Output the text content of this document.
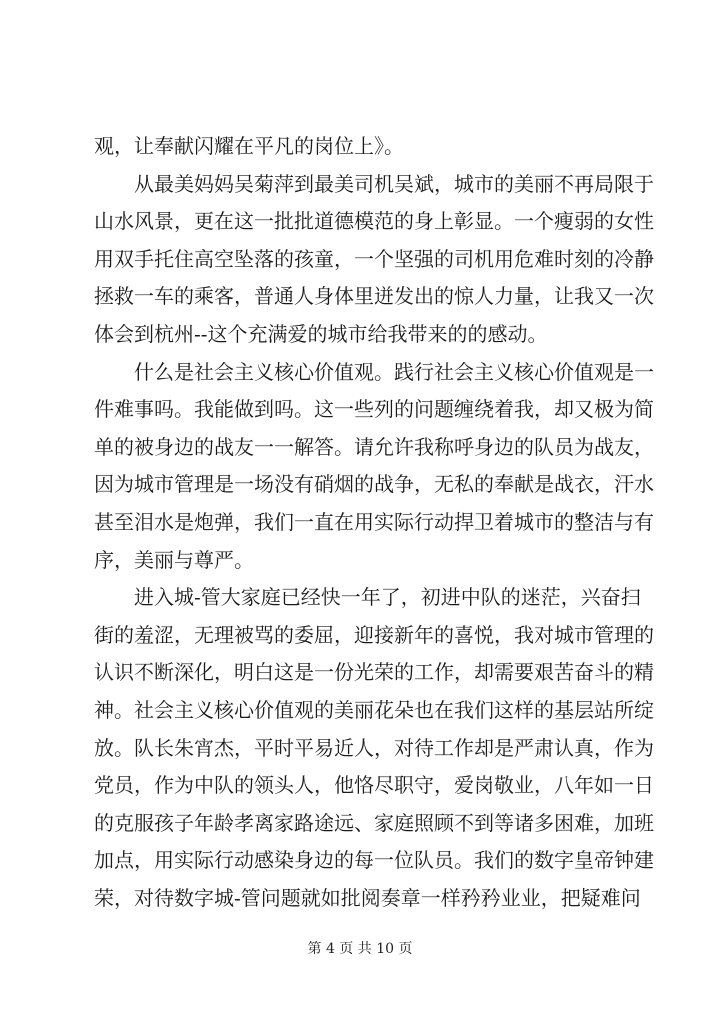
观，让奉献闪耀在平凡的岗位上》。
　　从最美妈妈吴菊萍到最美司机吴斌，城市的美丽不再局限于
山水风景，更在这一批批道德模范的身上彰显。一个瘦弱的女性
用双手托住高空坠落的孩童，一个坚强的司机用危难时刻的冷静
拯救一车的乘客，普通人身体里迸发出的惊人力量，让我又一次
体会到杭州--这个充满爱的城市给我带来的的感动。
　　什么是社会主义核心价值观。践行社会主义核心价值观是一
件难事吗。我能做到吗。这一些列的问题缠绕着我，却又极为简
单的被身边的战友一一解答。请允许我称呼身边的队员为战友，
因为城市管理是一场没有硝烟的战争，无私的奉献是战衣，汗水
甚至泪水是炮弹，我们一直在用实际行动捍卫着城市的整洁与有
序，美丽与尊严。
　　进入城-管大家庭已经快一年了，初进中队的迷茫，兴奋扫
街的羞涩，无理被骂的委屈，迎接新年的喜悦，我对城市管理的
认识不断深化，明白这是一份光荣的工作，却需要艰苦奋斗的精
神。社会主义核心价值观的美丽花朵也在我们这样的基层站所绽
放。队长朱宵杰，平时平易近人，对待工作却是严肃认真，作为
党员，作为中队的领头人，他恪尽职守，爱岗敬业，八年如一日
的克服孩子年龄孝离家路途远、家庭照顾不到等诸多困难，加班
加点，用实际行动感染身边的每一位队员。我们的数字皇帝钟建
荣，对待数字城-管问题就如批阅奏章一样矜矜业业，把疑难问
第 4 页 共 10 页
